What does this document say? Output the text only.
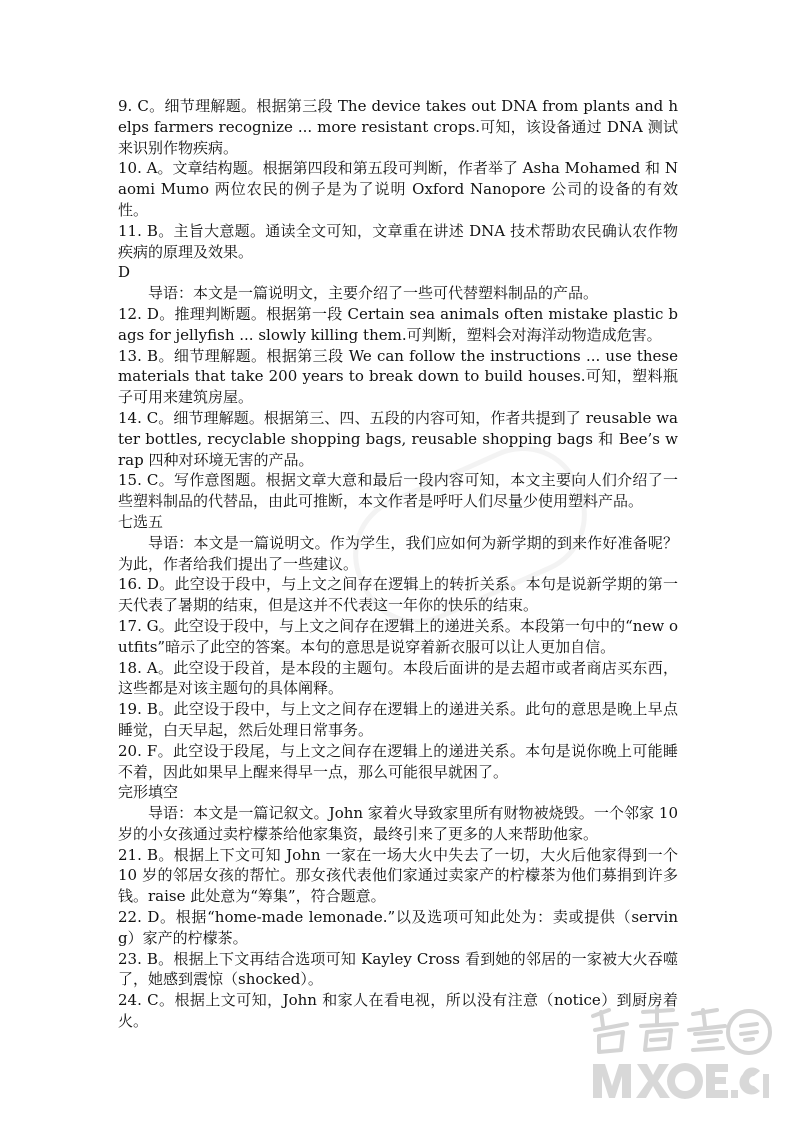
9. C。细节理解题。根据第三段 The device takes out DNA from plants and helps farmers recognize ... more resistant crops.可知，该设备通过 DNA 测试来识别作物疾病。

10. A。文章结构题。根据第四段和第五段可判断，作者举了 Asha Mohamed 和 Naomi Mumo 两位农民的例子是为了说明 Oxford Nanopore 公司的设备的有效性。

11. B。主旨大意题。通读全文可知，文章重在讲述 DNA 技术帮助农民确认农作物疾病的原理及效果。

D

导语：本文是一篇说明文，主要介绍了一些可代替塑料制品的产品。

12. D。推理判断题。根据第一段 Certain sea animals often mistake plastic bags for jellyfish ... slowly killing them.可判断，塑料会对海洋动物造成危害。

13. B。细节理解题。根据第三段 We can follow the instructions ... use these materials that take 200 years to break down to build houses.可知，塑料瓶子可用来建筑房屋。

14. C。细节理解题。根据第三、四、五段的内容可知，作者共提到了 reusable water bottles, recyclable shopping bags, reusable shopping bags 和 Bee’s wrap 四种对环境无害的产品。

15. C。写作意图题。根据文章大意和最后一段内容可知，本文主要向人们介绍了一些塑料制品的代替品，由此可推断，本文作者是呼吁人们尽量少使用塑料产品。

七选五

导语：本文是一篇说明文。作为学生，我们应如何为新学期的到来作好准备呢？为此，作者给我们提出了一些建议。

16. D。此空设于段中，与上文之间存在逻辑上的转折关系。本句是说新学期的第一天代表了暑期的结束，但是这并不代表这一年你的快乐的结束。

17. G。此空设于段中，与上文之间存在逻辑上的递进关系。本段第一句中的“new outfits”暗示了此空的答案。本句的意思是说穿着新衣服可以让人更加自信。

18. A。此空设于段首，是本段的主题句。本段后面讲的是去超市或者商店买东西，这些都是对该主题句的具体阐释。

19. B。此空设于段中，与上文之间存在逻辑上的递进关系。此句的意思是晚上早点睡觉，白天早起，然后处理日常事务。

20. F。此空设于段尾，与上文之间存在逻辑上的递进关系。本句是说你晚上可能睡不着，因此如果早上醒来得早一点，那么可能很早就困了。

完形填空

导语：本文是一篇记叙文。John 家着火导致家里所有财物被烧毁。一个邻家 10 岁的小女孩通过卖柠檬茶给他家集资，最终引来了更多的人来帮助他家。

21. B。根据上下文可知 John 一家在一场大火中失去了一切，大火后他家得到一个 10 岁的邻居女孩的帮忙。那女孩代表他们家通过卖家产的柠檬茶为他们募捐到许多钱。raise 此处意为“筹集”，符合题意。

22. D。根据“home-made lemonade.”以及选项可知此处为：卖或提供（serving）家产的柠檬茶。

23. B。根据上下文再结合选项可知 Kayley Cross 看到她的邻居的一家被大火吞噬了，她感到震惊（shocked）。

24. C。根据上文可知，John 和家人在看电视，所以没有注意（notice）到厨房着火。
